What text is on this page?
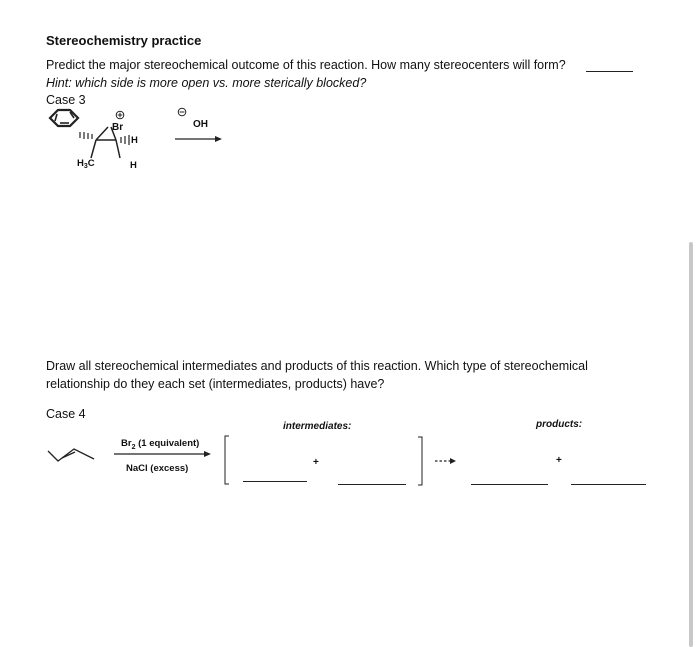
Stereochemistry practice
Predict the major stereochemical outcome of this reaction. How many stereocenters will form?
Hint: which side is more open vs. more sterically blocked?
Case 3
Br
H
H
$H_3C$
OH
Draw all stereochemical intermediates and products of this reaction. Which type of stereochemical relationship do they each set (intermediates, products) have?
Case 4
intermediates:	products:
$Br_2$ (1 equivalent)
NaCl (excess)
+	+
